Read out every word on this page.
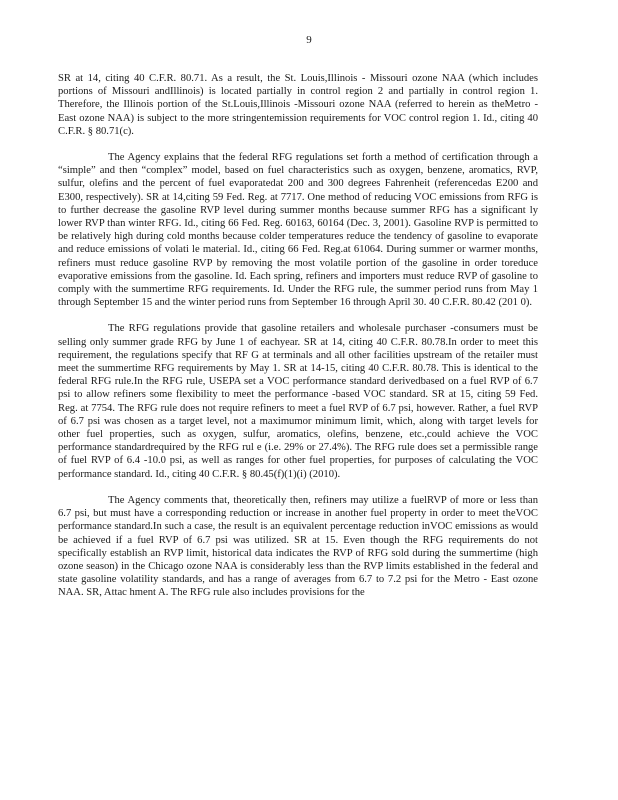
9

SR at 14, citing 40 C.F.R. 80.71. As a result, the St. Louis,Illinois - Missouri ozone NAA (which includes portions of Missouri andIllinois) is located partially in control region 2 and partially in control region 1. Therefore, the Illinois portion of the St.Louis,Illinois -Missouri ozone NAA (referred to herein as theMetro - East ozone NAA) is subject to the more stringentemission requirements for VOC control region 1. Id., citing 40 C.F.R. § 80.71(c).

The Agency explains that the federal RFG regulations set forth a method of certification through a “simple” and then “complex” model, based on fuel characteristics such as oxygen, benzene, aromatics, RVP, sulfur, olefins and the percent of fuel evaporatedat 200 and 300 degrees Fahrenheit (referencedas E200 and E300, respectively). SR at 14,citing 59 Fed. Reg. at 7717. One method of reducing VOC emissions from RFG is to further decrease the gasoline RVP level during summer months because summer RFG has a significant ly lower RVP than winter RFG. Id., citing 66 Fed. Reg. 60163, 60164 (Dec. 3, 2001). Gasoline RVP is permitted to be relatively high during cold months because colder temperatures reduce the tendency of gasoline to evaporate and reduce emissions of volati le material. Id., citing 66 Fed. Reg.at 61064. During summer or warmer months, refiners must reduce gasoline RVP by removing the most volatile portion of the gasoline in order toreduce evaporative emissions from the gasoline. Id. Each spring, refiners and importers must reduce RVP of gasoline to comply with the summertime RFG requirements. Id. Under the RFG rule, the summer period runs from May 1 through September 15 and the winter period runs from September 16 through April 30. 40 C.F.R. 80.42 (201 0).

The RFG regulations provide that gasoline retailers and wholesale purchaser -consumers must be selling only summer grade RFG by June 1 of eachyear. SR at 14, citing 40 C.F.R. 80.78.In order to meet this requirement, the regulations specify that RF G at terminals and all other facilities upstream of the retailer must meet the summertime RFG requirements by May 1. SR at 14-15, citing 40 C.F.R. 80.78. This is identical to the federal RFG rule.In the RFG rule, USEPA set a VOC performance standard derivedbased on a fuel RVP of 6.7 psi to allow refiners some flexibility to meet the performance -based VOC standard. SR at 15, citing 59 Fed. Reg. at 7754. The RFG rule does not require refiners to meet a fuel RVP of 6.7 psi, however. Rather, a fuel RVP of 6.7 psi was chosen as a target level, not a maximumor minimum limit, which, along with target levels for other fuel properties, such as oxygen, sulfur, aromatics, olefins, benzene, etc.,could achieve the VOC performance standardrequired by the RFG rul e (i.e. 29% or 27.4%). The RFG rule does set a permissible range of fuel RVP of 6.4 -10.0 psi, as well as ranges for other fuel properties, for purposes of calculating the VOC performance standard. Id., citing 40 C.F.R. § 80.45(f)(1)(i) (2010).

The Agency comments that, theoretically then, refiners may utilize a fuelRVP of more or less than 6.7 psi, but must have a corresponding reduction or increase in another fuel property in order to meet theVOC performance standard.In such a case, the result is an equivalent percentage reduction inVOC emissions as would be achieved if a fuel RVP of 6.7 psi was utilized. SR at 15. Even though the RFG requirements do not specifically establish an RVP limit, historical data indicates the RVP of RFG sold during the summertime (high ozone season) in the Chicago ozone NAA is considerably less than the RVP limits established in the federal and state gasoline volatility standards, and has a range of averages from 6.7 to 7.2 psi for the Metro - East ozone NAA. SR, Attac hment A. The RFG rule also includes provisions for the
